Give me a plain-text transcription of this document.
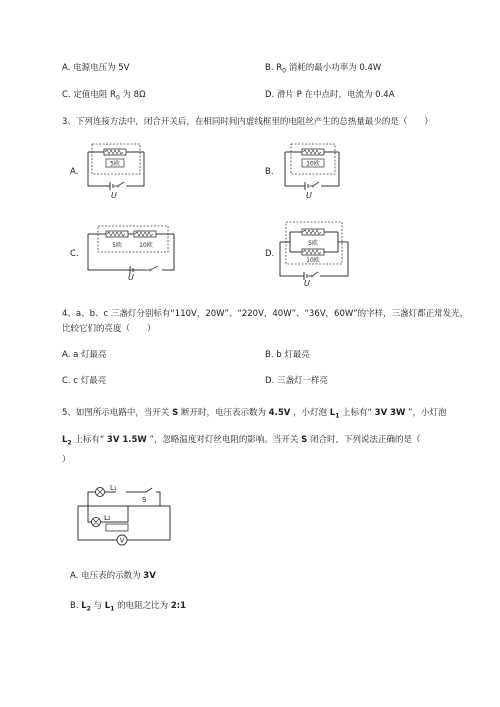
A. 电源电压为 5V	B. $R_0$ 消耗的最小功率为 0.4W
C. 定值电阻 $R_0$ 为 8Ω	D. 滑片 P 在中点时，电流为 0.4A
3、下列连接方法中，闭合开关后，在相同时间内虚线框里的电阻丝产生的总热量最少的是（　　）
A.	B.
C.	D.
5欧
U
10欧
U
5欧	10欧
U
5欧
10欧
U
4、a、b、c 三盏灯分别标有“110V，20W”、“220V，40W”、“36V，60W”的字样，三盏灯都正常发光，
比较它们的亮度（　　）
A. a 灯最亮	B. b 灯最亮
C. c 灯最亮	D. 三盏灯一样亮
5、如图所示电路中，当开关 S 断开时，电压表示数为 4.5V ，小灯泡 $L_1$ 上标有“ 3V 3W ”，小灯泡
$L_2$ 上标有“ 3V 1.5W ”，忽略温度对灯丝电阻的影响。当开关 S 闭合时，下列说法正确的是（
）
L₁
S
L₂
V
A. 电压表的示数为 3V
B. $L_2$ 与 $L_1$ 的电阻之比为 2:1
